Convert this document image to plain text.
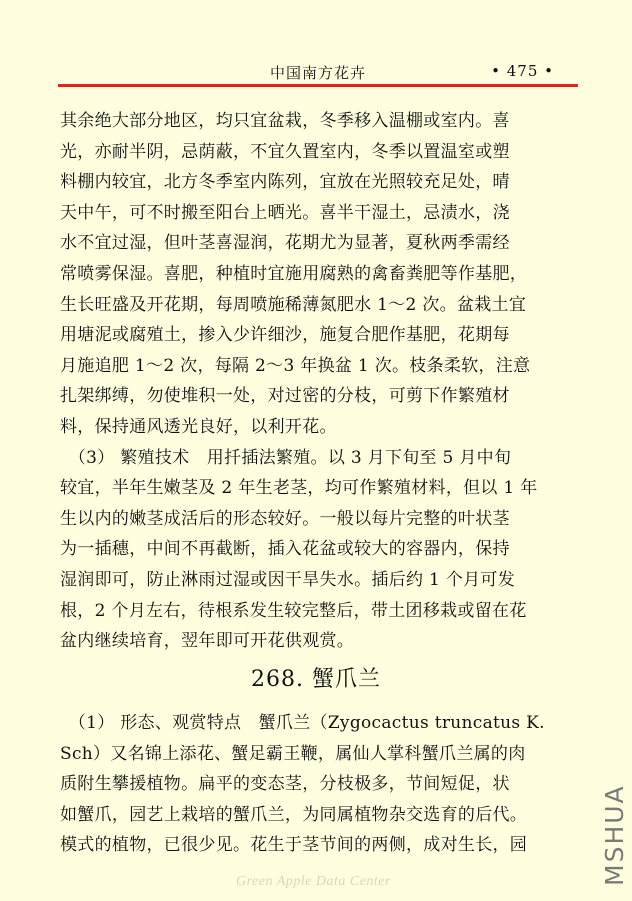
中国南方花卉	• 475 •
其余绝大部分地区，均只宜盆栽，冬季移入温棚或室内。喜
光，亦耐半阴，忌荫蔽，不宜久置室内，冬季以置温室或塑
料棚内较宜，北方冬季室内陈列，宜放在光照较充足处，晴
天中午，可不时搬至阳台上晒光。喜半干湿土，忌渍水，浇
水不宜过湿，但叶茎喜湿润，花期尤为显著，夏秋两季需经
常喷雾保湿。喜肥，种植时宜施用腐熟的禽畜粪肥等作基肥，
生长旺盛及开花期，每周喷施稀薄氮肥水 1～2 次。盆栽土宜
用塘泥或腐殖土，掺入少许细沙，施复合肥作基肥，花期每
月施追肥 1～2 次，每隔 2～3 年换盆 1 次。枝条柔软，注意
扎架绑缚，勿使堆积一处，对过密的分枝，可剪下作繁殖材
料，保持通风透光良好，以利开花。
　（3） 繁殖技术　用扦插法繁殖。以 3 月下旬至 5 月中旬
较宜，半年生嫩茎及 2 年生老茎，均可作繁殖材料，但以 1 年
生以内的嫩茎成活后的形态较好。一般以每片完整的叶状茎
为一插穗，中间不再截断，插入花盆或较大的容器内，保持
湿润即可，防止淋雨过湿或因干旱失水。插后约 1 个月可发
根，2 个月左右，待根系发生较完整后，带土团移栽或留在花
盆内继续培育，翌年即可开花供观赏。
268. 蟹爪兰
　（1） 形态、观赏特点　蟹爪兰（Zygocactus truncatus K.
Sch）又名锦上添花、蟹足霸王鞭，属仙人掌科蟹爪兰属的肉
质附生攀援植物。扁平的变态茎，分枝极多，节间短促，状
如蟹爪，园艺上栽培的蟹爪兰，为同属植物杂交选育的后代。
模式的植物，已很少见。花生于茎节间的两侧，成对生长，园	MSHUA
Green Apple Data Center
